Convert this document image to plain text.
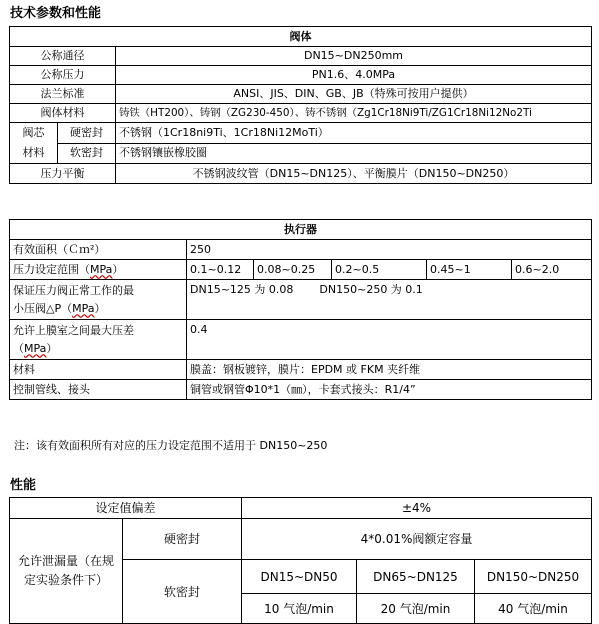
技术参数和性能
阀体		
公称通径		DN15~DN250mm
公称压力		PN1.6、4.0MPa
法兰标准		ANSI、JIS、DIN、GB、JB（特殊可按用户提供）
阀体材料		铸铁（HT200）、铸钢（ZG230-450）、铸不锈钢（Zg1Cr18Ni9Ti/ZG1Cr18Ni12No2Ti
阀芯
材料	硬密封	不锈钢（1Cr18ni9Ti、1Cr18Ni12MoTi）
	软密封	不锈钢镶嵌橡胶圈
压力平衡		不锈钢波纹管（DN15~DN125）、平衡膜片（DN150~DN250）
执行器					
有效面积（Ｃｍ²）	250				
压力设定范围（MPa）	0.1~0.12	0.08~0.25	0.2~0.5	0.45~1	0.6~2.0
保证压力阀正常工作的最
小压阀△P（MPa）	DN15~125 为 0.08 DN150~250 为 0.1				
允许上膜室之间最大压差
（MPa）	0.4				
材料	膜盖：钢板镀锌，膜片：EPDM 或 FKM 夹纤维				
控制管线、接头	铜管或钢管Φ10*1（㎜），卡套式接头：R1/4”				
注：该有效面积所有对应的压力设定范围不适用于 DN150~250
性能
设定值偏差		±4%		
允许泄漏量（在规定实验条件下）	硬密封	4*0.01%阀额定容量		
	软密封	DN15~DN50	DN65~DN125	DN150~DN250
		10 气泡/min	20 气泡/min	40 气泡/min
